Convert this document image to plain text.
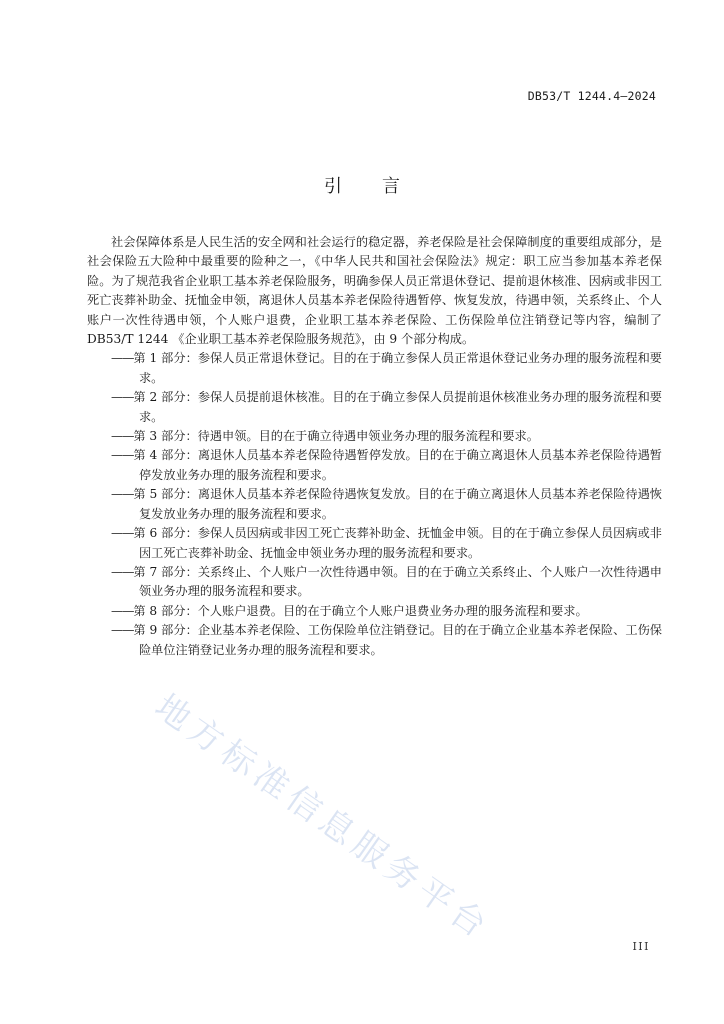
DB53/T 1244.4—2024
引言

社会保障体系是人民生活的安全网和社会运行的稳定器，养老保险是社会保障制度的重要组成部分，是社会保险五大险种中最重要的险种之一，《中华人民共和国社会保险法》规定：职工应当参加基本养老保险。为了规范我省企业职工基本养老保险服务，明确参保人员正常退休登记、提前退休核准、因病或非因工死亡丧葬补助金、抚恤金申领，离退休人员基本养老保险待遇暂停、恢复发放，待遇申领，关系终止、个人账户一次性待遇申领，个人账户退费，企业职工基本养老保险、工伤保险单位注销登记等内容，编制了 DB53/T 1244 《企业职工基本养老保险服务规范》，由 9 个部分构成。

——第 1 部分：参保人员正常退休登记。目的在于确立参保人员正常退休登记业务办理的服务流程和要求。
——第 2 部分：参保人员提前退休核准。目的在于确立参保人员提前退休核准业务办理的服务流程和要求。
——第 3 部分：待遇申领。目的在于确立待遇申领业务办理的服务流程和要求。
——第 4 部分：离退休人员基本养老保险待遇暂停发放。目的在于确立离退休人员基本养老保险待遇暂停发放业务办理的服务流程和要求。
——第 5 部分：离退休人员基本养老保险待遇恢复发放。目的在于确立离退休人员基本养老保险待遇恢复发放业务办理的服务流程和要求。
——第 6 部分：参保人员因病或非因工死亡丧葬补助金、抚恤金申领。目的在于确立参保人员因病或非因工死亡丧葬补助金、抚恤金申领业务办理的服务流程和要求。
——第 7 部分：关系终止、个人账户一次性待遇申领。目的在于确立关系终止、个人账户一次性待遇申领业务办理的服务流程和要求。
——第 8 部分：个人账户退费。目的在于确立个人账户退费业务办理的服务流程和要求。
——第 9 部分：企业基本养老保险、工伤保险单位注销登记。目的在于确立企业基本养老保险、工伤保险单位注销登记业务办理的服务流程和要求。
地方标准信息服务平台	III
